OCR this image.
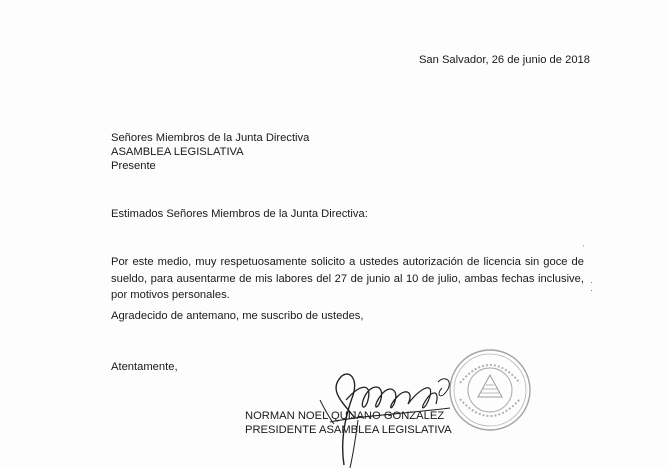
San Salvador, 26 de junio de 2018
Señores Miembros de la Junta Directiva
ASAMBLEA LEGISLATIVA
Presente
Estimados Señores Miembros de la Junta Directiva:
Por este medio, muy respetuosamente solicito a ustedes autorización de licencia sin goce de sueldo, para ausentarme de mis labores del 27 de junio al 10 de julio, ambas fechas inclusive, por motivos personales.
Agradecido de antemano, me suscribo de ustedes,
Atentamente,
ˊ
·
·
NORMAN NOEL QUIJANO GONZALEZ
PRESIDENTE ASAMBLEA LEGISLATIVA
